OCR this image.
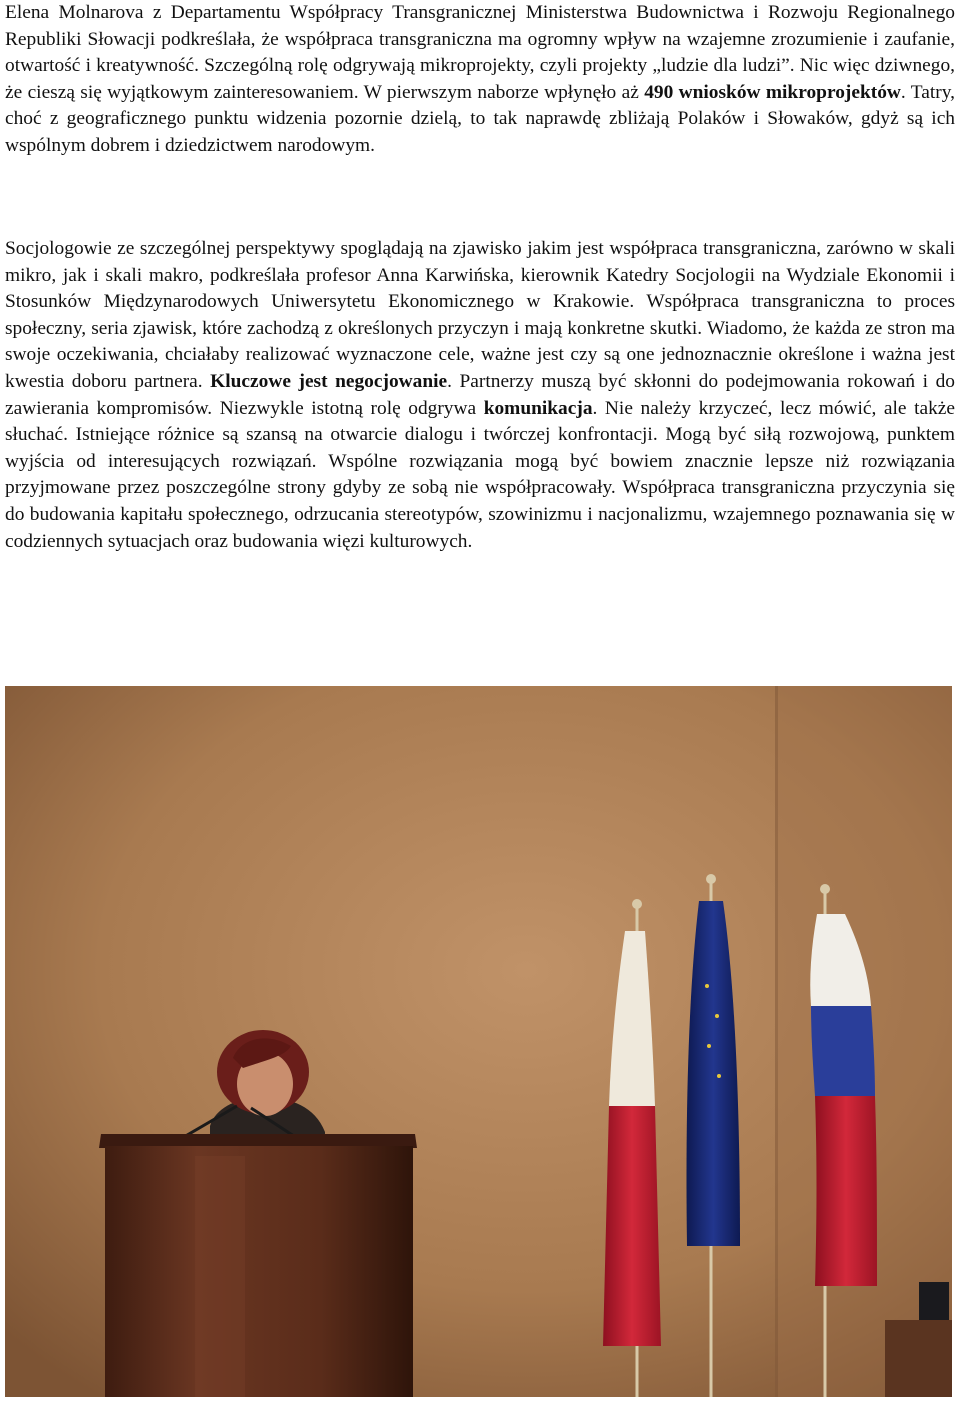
Elena Molnarova z Departamentu Współpracy Transgranicznej Ministerstwa Budownictwa i Rozwoju Regionalnego Republiki Słowacji podkreślała, że współpraca transgraniczna ma ogromny wpływ na wzajemne zrozumienie i zaufanie, otwartość i kreatywność. Szczególną rolę odgrywają mikroprojekty, czyli projekty „ludzie dla ludzi”. Nic więc dziwnego, że cieszą się wyjątkowym zainteresowaniem. W pierwszym naborze wpłynęło aż 490 wniosków mikroprojektów. Tatry, choć z geograficznego punktu widzenia pozornie dzielą, to tak naprawdę zbliżają Polaków i Słowaków, gdyż są ich wspólnym dobrem i dziedzictwem narodowym.

Socjologowie ze szczególnej perspektywy spoglądają na zjawisko jakim jest współpraca transgraniczna, zarówno w skali mikro, jak i skali makro, podkreślała profesor Anna Karwińska, kierownik Katedry Socjologii na Wydziale Ekonomii i Stosunków Międzynarodowych Uniwersytetu Ekonomicznego w Krakowie. Współpraca transgraniczna to proces społeczny, seria zjawisk, które zachodzą z określonych przyczyn i mają konkretne skutki. Wiadomo, że każda ze stron ma swoje oczekiwania, chciałaby realizować wyznaczone cele, ważne jest czy są one jednoznacznie określone i ważna jest kwestia doboru partnera. Kluczowe jest negocjowanie. Partnerzy muszą być skłonni do podejmowania rokowań i do zawierania kompromisów. Niezwykle istotną rolę odgrywa komunikacja. Nie należy krzyczeć, lecz mówić, ale także słuchać. Istniejące różnice są szansą na otwarcie dialogu i twórczej konfrontacji. Mogą być siłą rozwojową, punktem wyjścia od interesujących rozwiązań. Wspólne rozwiązania mogą być bowiem znacznie lepsze niż rozwiązania przyjmowane przez poszczególne strony gdyby ze sobą nie współpracowały. Współpraca transgraniczna przyczynia się do budowania kapitału społecznego, odrzucania stereotypów, szowinizmu i nacjonalizmu, wzajemnego poznawania się w codziennych sytuacjach oraz budowania więzi kulturowych.
